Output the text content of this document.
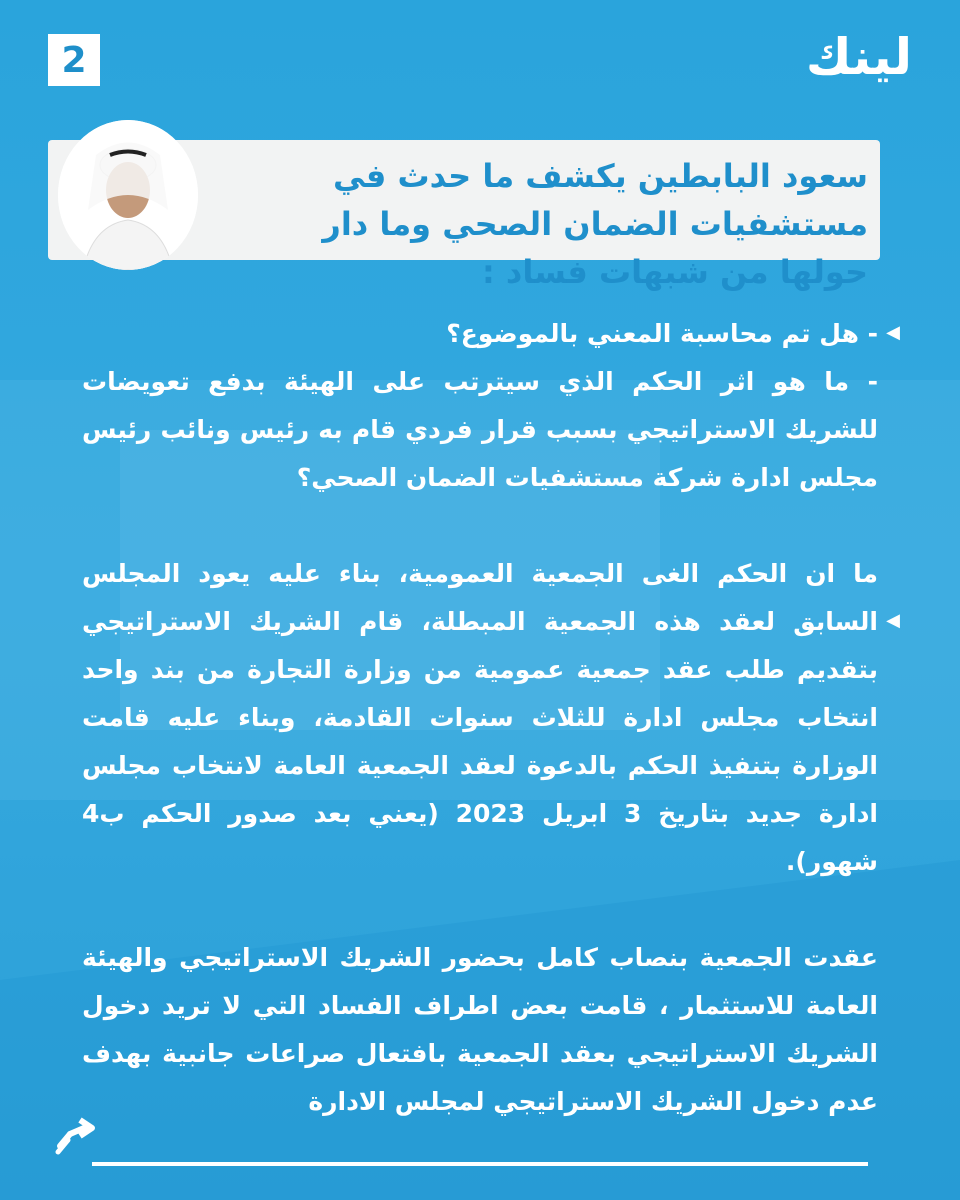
2	لينك
سعود البابطين يكشف ما حدث في مستشفيات الضمان الصحي وما دار حولها من شبهات فساد :

- هل تم محاسبة المعني بالموضوع؟

- ما هو اثر الحكم الذي سيترتب على الهيئة بدفع تعويضات للشريك الاستراتيجي بسبب قرار فردي قام به رئيس ونائب رئيس مجلس ادارة شركة مستشفيات الضمان الصحي؟

ما ان الحكم الغى الجمعية العمومية، بناء عليه يعود المجلس السابق لعقد هذه الجمعية المبطلة، قام الشريك الاستراتيجي بتقديم طلب عقد جمعية عمومية من وزارة التجارة من بند واحد انتخاب مجلس ادارة للثلاث سنوات القادمة، وبناء عليه قامت الوزارة بتنفيذ الحكم بالدعوة لعقد الجمعية العامة لانتخاب مجلس ادارة جديد بتاريخ 3 ابريل 2023 (يعني بعد صدور الحكم ب4 شهور).

عقدت الجمعية بنصاب كامل بحضور الشريك الاستراتيجي والهيئة العامة للاستثمار ، قامت بعض اطراف الفساد التي لا تريد دخول الشريك الاستراتيجي بعقد الجمعية بافتعال صراعات جانبية بهدف عدم دخول الشريك الاستراتيجي لمجلس الادارة

◀
◀
